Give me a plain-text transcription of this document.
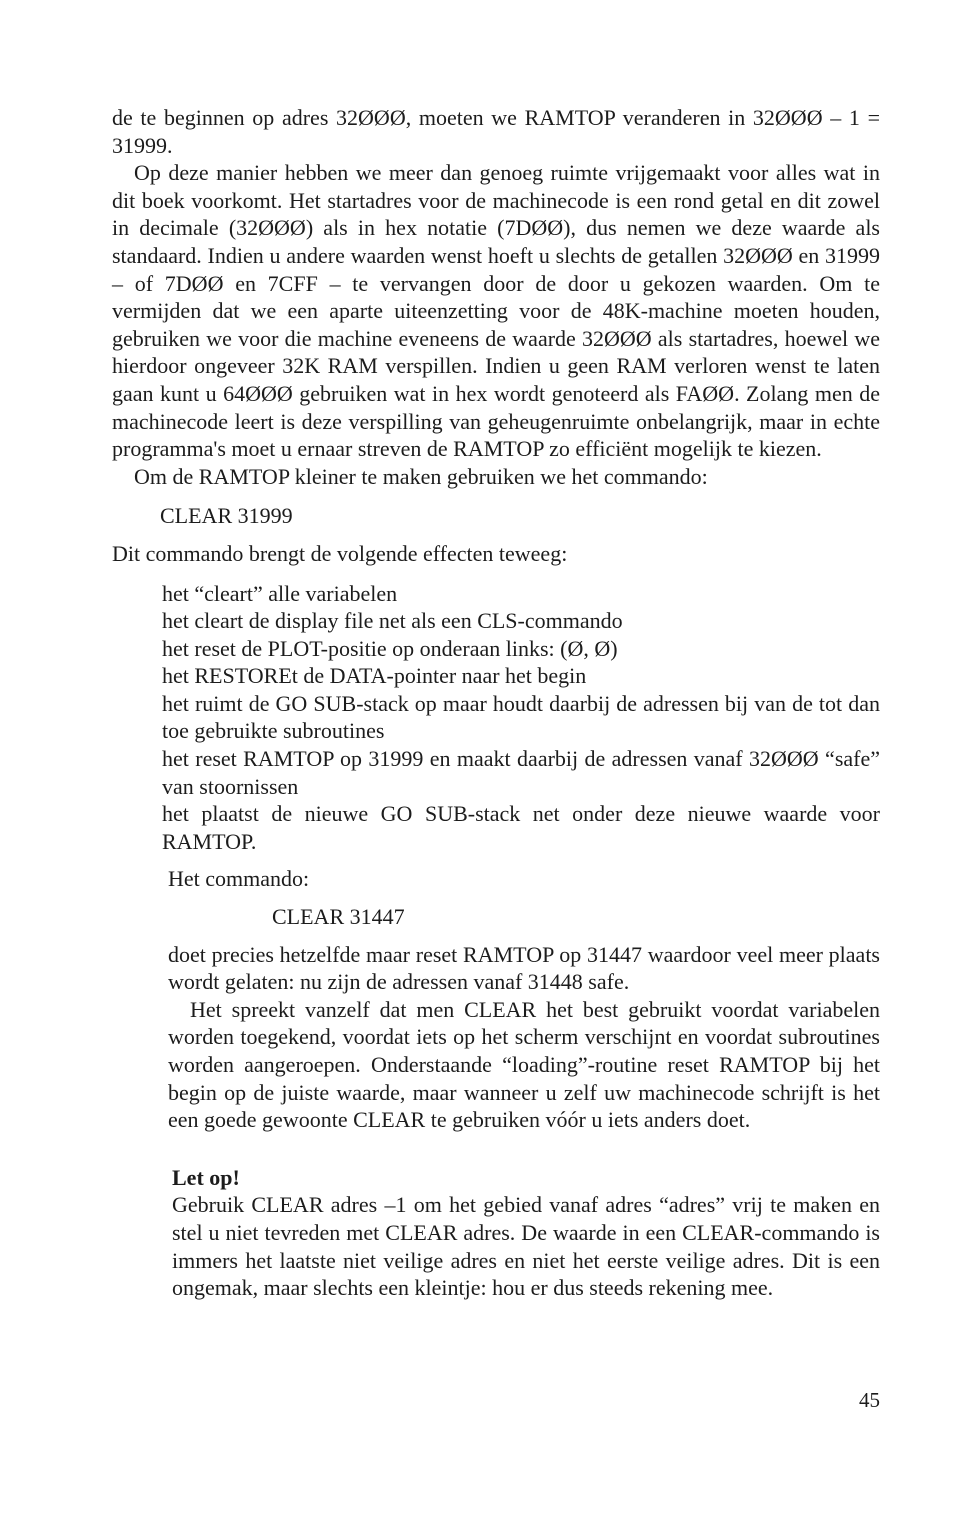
de te beginnen op adres 32ØØØ, moeten we RAMTOP veranderen in 32ØØØ – 1 = 31999.

Op deze manier hebben we meer dan genoeg ruimte vrijgemaakt voor alles wat in dit boek voorkomt. Het startadres voor de machinecode is een rond getal en dit zowel in decimale (32ØØØ) als in hex notatie (7DØØ), dus nemen we deze waarde als standaard. Indien u andere waarden wenst hoeft u slechts de getallen 32ØØØ en 31999 – of 7DØØ en 7CFF – te vervangen door de door u gekozen waarden. Om te vermijden dat we een aparte uiteenzetting voor de 48K-machine moeten houden, gebruiken we voor die machine eveneens de waarde 32ØØØ als startadres, hoewel we hierdoor ongeveer 32K RAM verspillen. Indien u geen RAM verloren wenst te laten gaan kunt u 64ØØØ gebruiken wat in hex wordt genoteerd als FAØØ. Zolang men de machinecode leert is deze verspilling van geheugenruimte onbelangrijk, maar in echte programma's moet u ernaar streven de RAMTOP zo efficiënt mogelijk te kiezen.

Om de RAMTOP kleiner te maken gebruiken we het commando:

CLEAR 31999

Dit commando brengt de volgende effecten teweeg:

het “cleart” alle variabelen
het cleart de display file net als een CLS-commando
het reset de PLOT-positie op onderaan links: (Ø, Ø)
het RESTOREt de DATA-pointer naar het begin
het ruimt de GO SUB-stack op maar houdt daarbij de adressen bij van de tot dan toe gebruikte subroutines
het reset RAMTOP op 31999 en maakt daarbij de adressen vanaf 32ØØØ “safe” van stoornissen
het plaatst de nieuwe GO SUB-stack net onder deze nieuwe waarde voor RAMTOP.

Het commando:

CLEAR 31447

doet precies hetzelfde maar reset RAMTOP op 31447 waardoor veel meer plaats wordt gelaten: nu zijn de adressen vanaf 31448 safe.

Het spreekt vanzelf dat men CLEAR het best gebruikt voordat variabelen worden toegekend, voordat iets op het scherm verschijnt en voordat subroutines worden aangeroepen. Onderstaande “loading”-routine reset RAMTOP bij het begin op de juiste waarde, maar wanneer u zelf uw machinecode schrijft is het een goede gewoonte CLEAR te gebruiken vóór u iets anders doet.

Let op!

Gebruik CLEAR adres –1 om het gebied vanaf adres “adres” vrij te maken en stel u niet tevreden met CLEAR adres. De waarde in een CLEAR-commando is immers het laatste niet veilige adres en niet het eerste veilige adres. Dit is een ongemak, maar slechts een kleintje: hou er dus steeds rekening mee.

45
